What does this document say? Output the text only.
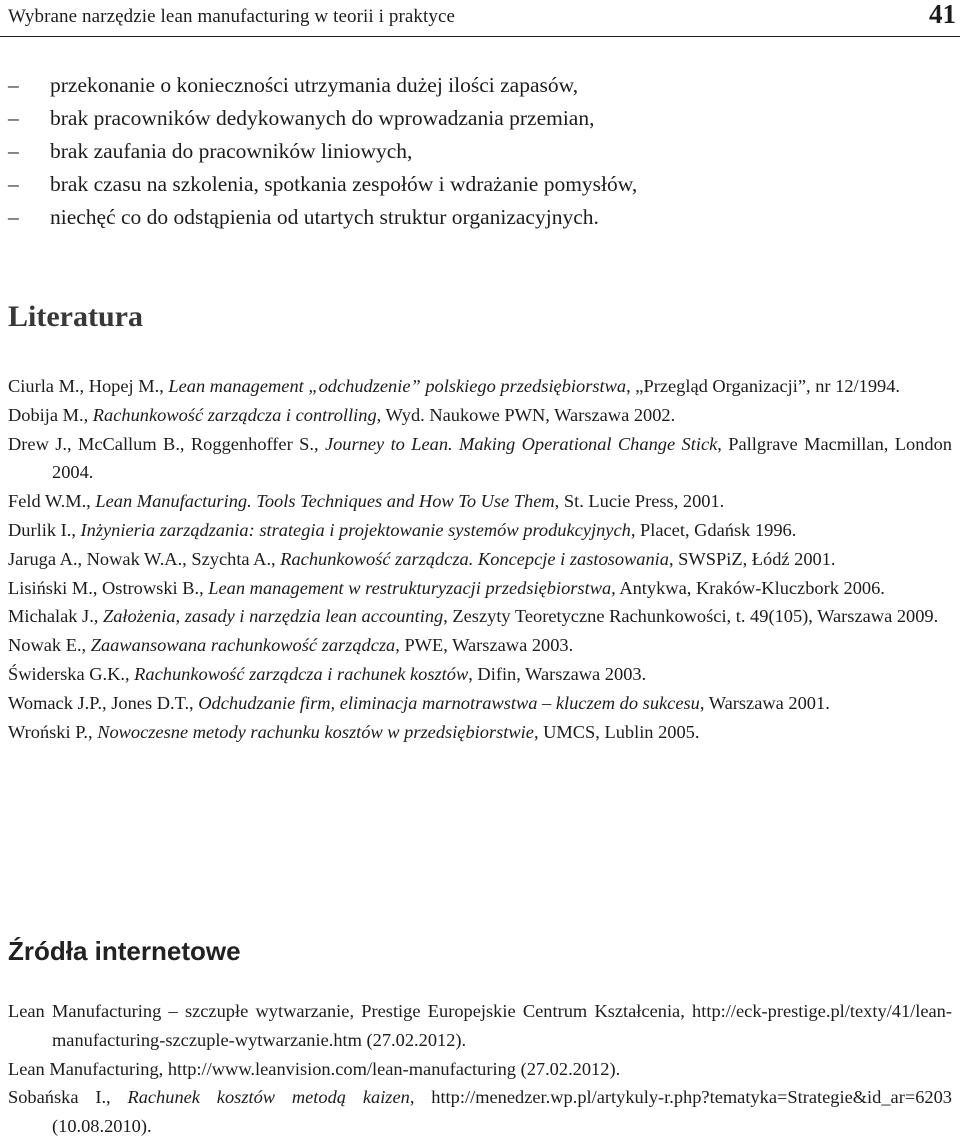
Wybrane narzędzie lean manufacturing w teorii i praktyce	41
–	przekonanie o konieczności utrzymania dużej ilości zapasów,
–	brak pracowników dedykowanych do wprowadzania przemian,
–	brak zaufania do pracowników liniowych,
–	brak czasu na szkolenia, spotkania zespołów i wdrażanie pomysłów,
–	niechęć co do odstąpienia od utartych struktur organizacyjnych.
Literatura
Ciurla M., Hopej M., Lean management „odchudzenie” polskiego przedsiębiorstwa, „Przegląd Organizacji”, nr 12/1994.
Dobija M., Rachunkowość zarządcza i controlling, Wyd. Naukowe PWN, Warszawa 2002.
Drew J., McCallum B., Roggenhoffer S., Journey to Lean. Making Operational Change Stick, Pallgrave Macmillan, London 2004.
Feld W.M., Lean Manufacturing. Tools Techniques and How To Use Them, St. Lucie Press, 2001.
Durlik I., Inżynieria zarządzania: strategia i projektowanie systemów produkcyjnych, Placet, Gdańsk 1996.
Jaruga A., Nowak W.A., Szychta A., Rachunkowość zarządcza. Koncepcje i zastosowania, SWSPiZ, Łódź 2001.
Lisiński M., Ostrowski B., Lean management w restrukturyzacji przedsiębiorstwa, Antykwa, Kraków-Kluczbork 2006.
Michalak J., Założenia, zasady i narzędzia lean accounting, Zeszyty Teoretyczne Rachunkowości, t. 49(105), Warszawa 2009.
Nowak E., Zaawansowana rachunkowość zarządcza, PWE, Warszawa 2003.
Świderska G.K., Rachunkowość zarządcza i rachunek kosztów, Difin, Warszawa 2003.
Womack J.P., Jones D.T., Odchudzanie firm, eliminacja marnotrawstwa – kluczem do sukcesu, Warszawa 2001.
Wroński P., Nowoczesne metody rachunku kosztów w przedsiębiorstwie, UMCS, Lublin 2005.
Źródła internetowe
Lean Manufacturing – szczupłe wytwarzanie, Prestige Europejskie Centrum Kształcenia, http://eck-prestige.pl/texty/41/lean-manufacturing-szczuple-wytwarzanie.htm (27.02.2012).
Lean Manufacturing, http://www.leanvision.com/lean-manufacturing (27.02.2012).
Sobańska I., Rachunek kosztów metodą kaizen, http://menedzer.wp.pl/artykuly-r.php?tematyka=Strategie&id_ar=6203 (10.08.2010).
